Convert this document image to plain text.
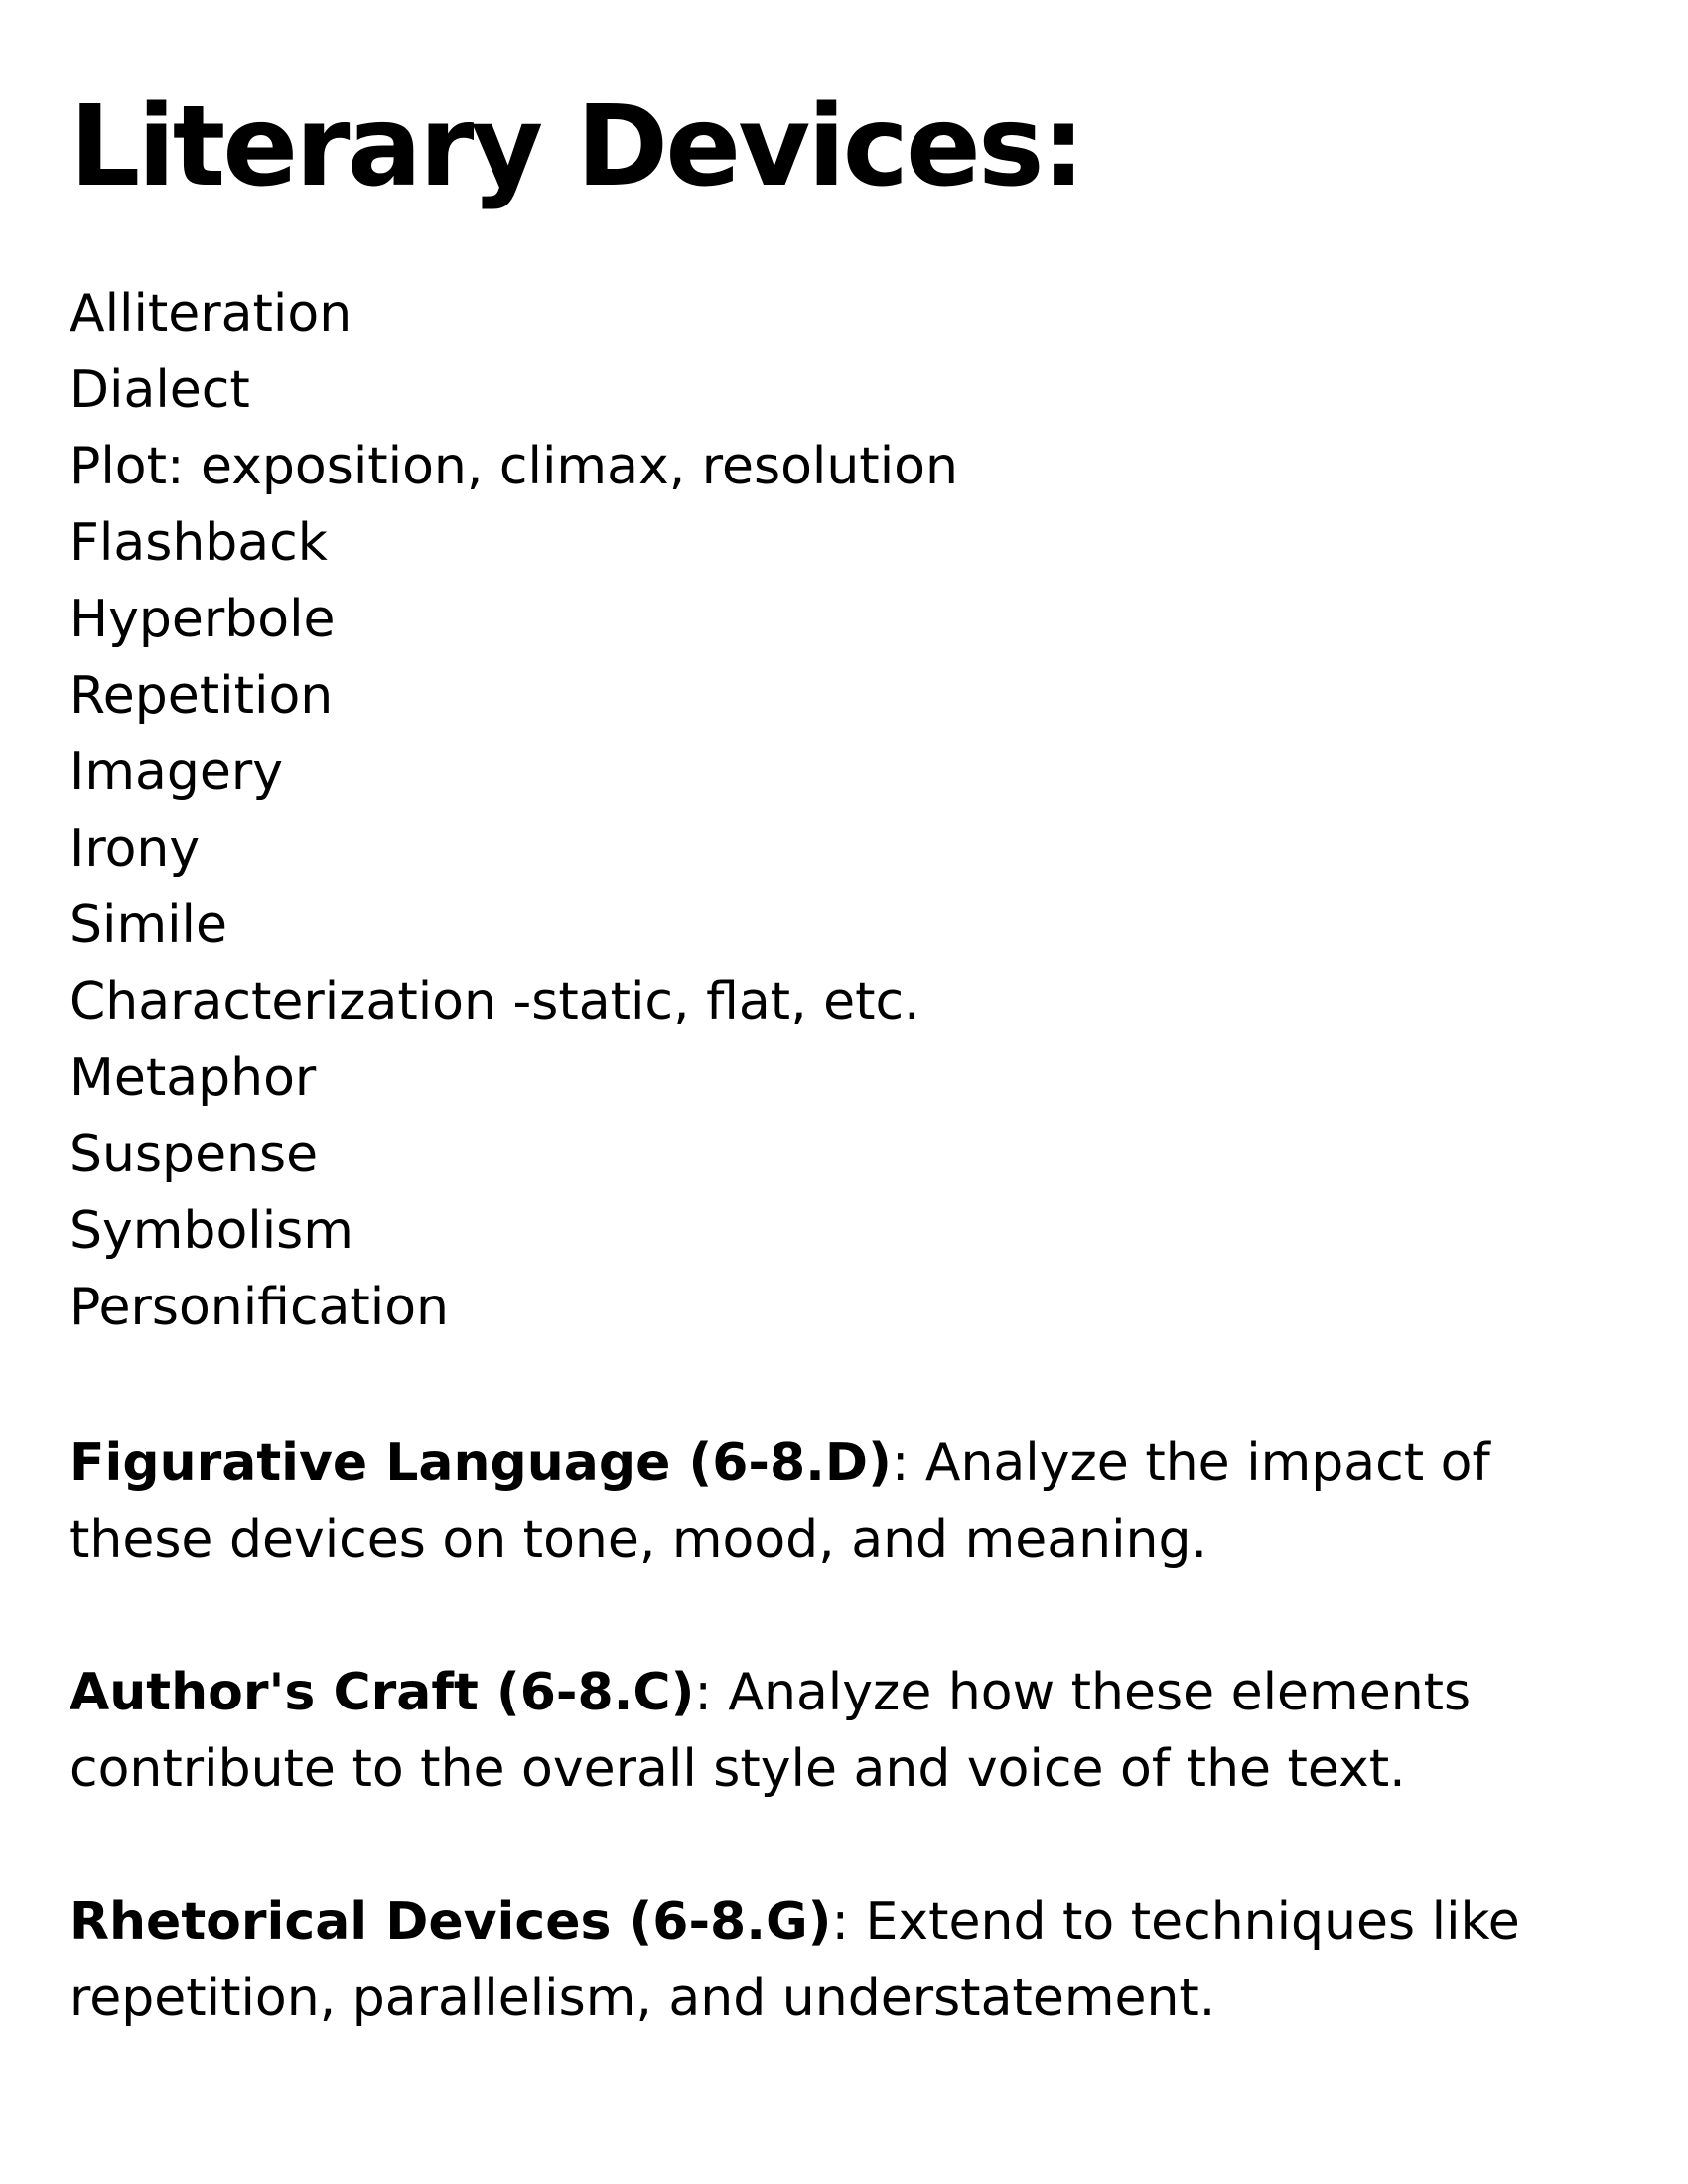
Literary Devices:
Alliteration
Dialect
Plot: exposition, climax, resolution
Flashback
Hyperbole
Repetition
Imagery
Irony
Simile
Characterization -static, flat, etc.
Metaphor
Suspense
Symbolism
Personification

Figurative Language (6-8.D): Analyze the impact of
these devices on tone, mood, and meaning.

Author's Craft (6-8.C): Analyze how these elements
contribute to the overall style and voice of the text.

Rhetorical Devices (6-8.G): Extend to techniques like
repetition, parallelism, and understatement.
